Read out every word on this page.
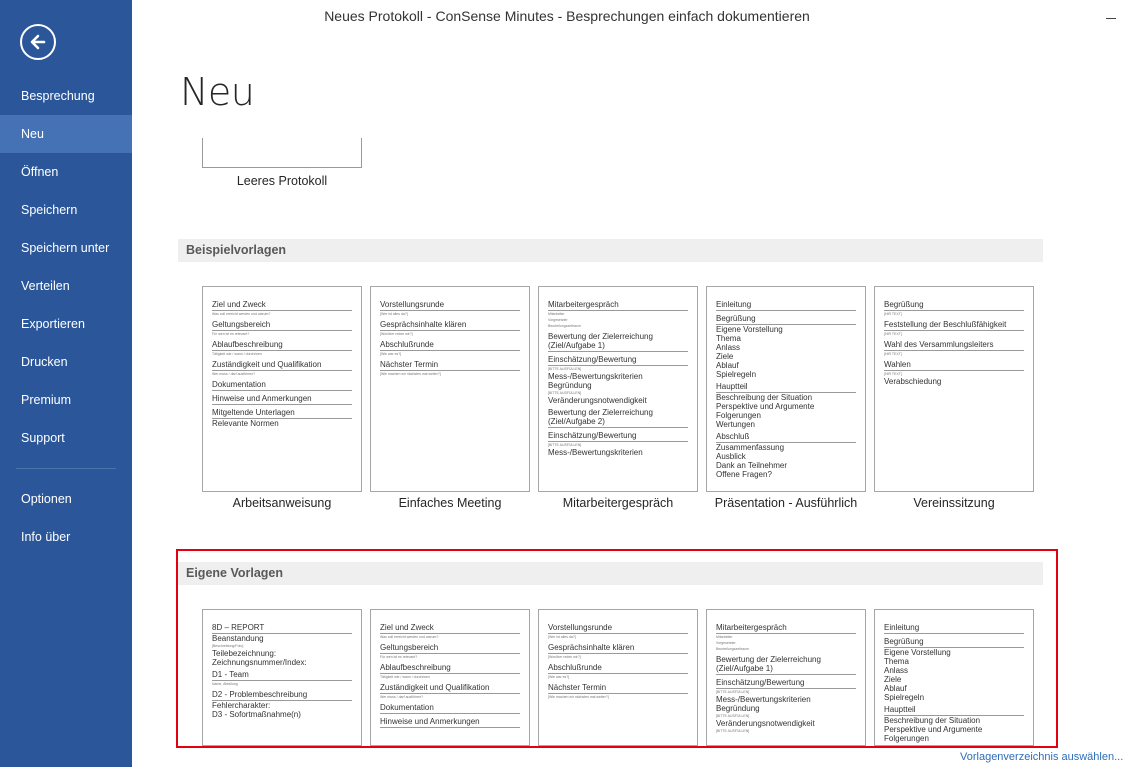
Besprechung
Neu
Öffnen
Speichern
Speichern unter
Verteilen
Exportieren
Drucken
Premium
Support
Optionen
Info über
Neues Protokoll - ConSense Minutes - Besprechungen einfach dokumentieren
Neu
Leeres Protokoll
Beispielvorlagen
Ziel und Zweck
Was soll erreicht werden und warum?
Geltungsbereich
Für wen ist es relevant?
Ablaufbeschreibung
Tätigkeit wie / wann / durch/wen
Zuständigkeit und Qualifikation
Wer muss / darf ausführen?
Dokumentation
Hinweise und Anmerkungen
Mitgeltende Unterlagen
Relevante Normen
Arbeitsanweisung
Vorstellungsrunde
[Wer ist alles da?]
Gesprächsinhalte klären
[Worüber reden wir?]
Abschlußrunde
[Wie war es?]
Nächster Termin
[Wie machen wir nächstes mal weiter?]
Einfaches Meeting
Mitarbeitergespräch
Mitarbeiter
Vorgesetzter
Beurteilungszeitraum
Bewertung der Zielerreichung (Ziel/Aufgabe 1)
Einschätzung/Bewertung
[BITTE AUSFÜLLEN]
Mess-/Bewertungskriterien
Begründung
[BITTE AUSFÜLLEN]
Veränderungsnotwendigkeit
Bewertung der Zielerreichung (Ziel/Aufgabe 2)
Einschätzung/Bewertung
[BITTE AUSFÜLLEN]
Mess-/Bewertungskriterien
Mitarbeitergespräch
Einleitung
Begrüßung
Eigene Vorstellung
Thema
Anlass
Ziele
Ablauf
Spielregeln
Hauptteil
Beschreibung der Situation
Perspektive und Argumente
Folgerungen
Wertungen
Abschluß
Zusammenfassung
Ausblick
Dank an Teilnehmer
Offene Fragen?
Präsentation - Ausführlich
Begrüßung
[HIR TEXT]
Feststellung der Beschlußfähigkeit
[HIR TEXT]
Wahl des Versammlungsleiters
[HIR TEXT]
Wahlen
[HIR TEXT]
Verabschiedung
Vereinssitzung
Eigene Vorlagen
8D – REPORT
Beanstandung
[Beschreibung/Foto]
Teilebezeichnung:
Zeichnungsnummer/Index:
D1 - Team
Name, Abteilung
D2 - Problembeschreibung
Fehlercharakter:
D3 - Sofortmaßnahme(n)
Ziel und Zweck
Was soll erreicht werden und warum?
Geltungsbereich
Für wen ist es relevant?
Ablaufbeschreibung
Tätigkeit wie / wann / durch/wen
Zuständigkeit und Qualifikation
Wer muss / darf ausführen?
Dokumentation
Hinweise und Anmerkungen
Vorstellungsrunde
[Wer ist alles da?]
Gesprächsinhalte klären
[Worüber reden wir?]
Abschlußrunde
[Wie war es?]
Nächster Termin
[Wie machen wir nächstes mal weiter?]
Mitarbeitergespräch
Mitarbeiter
Vorgesetzter
Beurteilungszeitraum
Bewertung der Zielerreichung (Ziel/Aufgabe 1)
Einschätzung/Bewertung
[BITTE AUSFÜLLEN]
Mess-/Bewertungskriterien
Begründung
[BITTE AUSFÜLLEN]
Veränderungsnotwendigkeit
[BITTE AUSFÜLLEN]
Einleitung
Begrüßung
Eigene Vorstellung
Thema
Anlass
Ziele
Ablauf
Spielregeln
Hauptteil
Beschreibung der Situation
Perspektive und Argumente
Folgerungen
Vorlagenverzeichnis auswählen...
